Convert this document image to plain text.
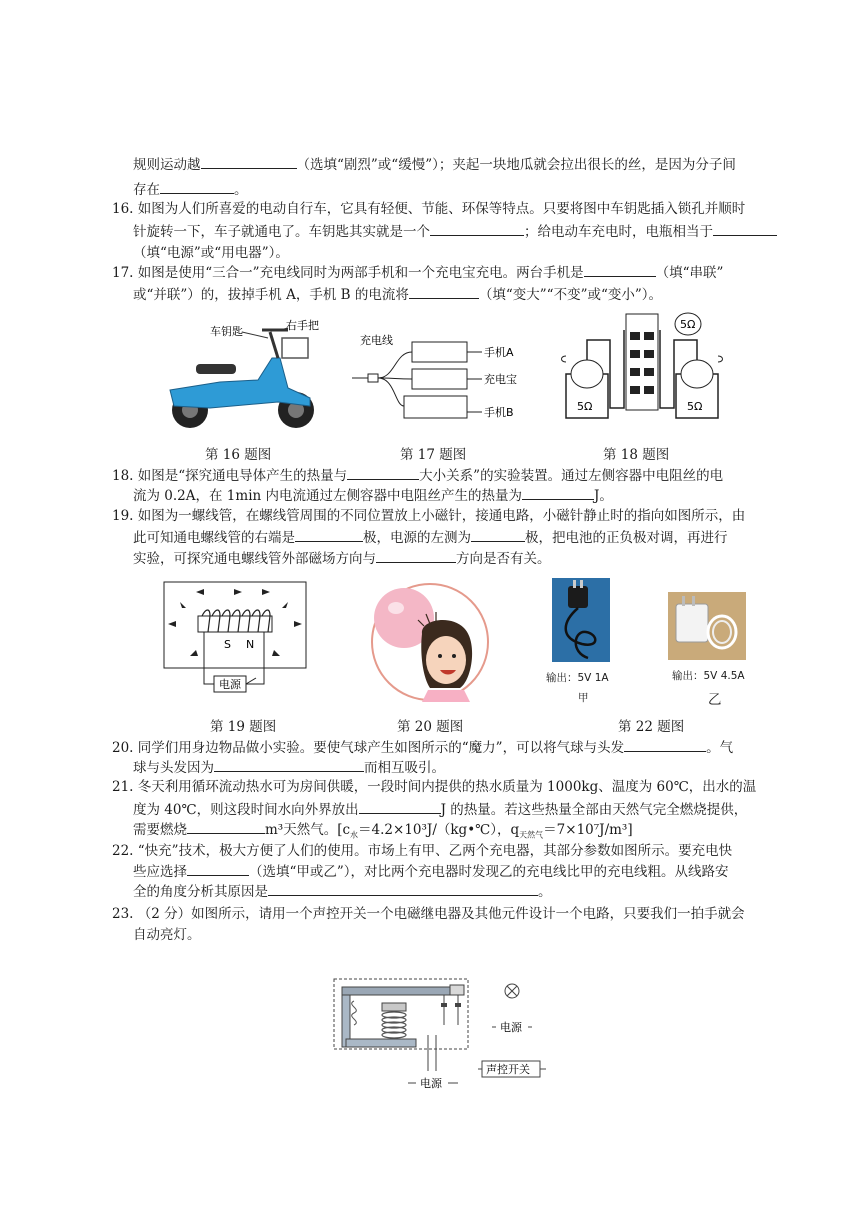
规则运动越	（选填“剧烈”或“缓慢”）；夹起一块地瓜就会拉出很长的丝，是因为分子间
存在	。
16. 如图为人们所喜爱的电动自行车，它具有轻便、节能、环保等特点。只要将图中车钥匙插入锁孔并顺时
针旋转一下，车子就通电了。车钥匙其实就是一个	；给电动车充电时，电瓶相当于
（填“电源”或“用电器”）。
17. 如图是使用“三合一”充电线同时为两部手机和一个充电宝充电。两台手机是	（填“串联”
或“并联”）的，拔掉手机 A，手机 B 的电流将	（填“变大”“不变”或“变小”）。
车钥匙	右手把
第 16 题图
充电线
手机A
充电宝
手机B
第 17 题图
5Ω	5Ω
5Ω
第 18 题图
18. 如图是“探究通电导体产生的热量与	大小关系”的实验装置。通过左侧容器中电阻丝的电
流为 0.2A，在 1min 内电流通过左侧容器中电阻丝产生的热量为	J。
19. 如图为一螺线管，在螺线管周围的不同位置放上小磁针，接通电路，小磁针静止时的指向如图所示，由
此可知通电螺线管的右端是	极，电源的左测为	极，把电池的正负极对调，再进行
实验，可探究通电螺线管外部磁场方向与	方向是否有关。
S N
电源
第 19 题图	第 20 题图
输出：5V 1A
甲
输出：5V 4.5A
乙
第 22 题图
20. 同学们用身边物品做小实验。要使气球产生如图所示的“魔力”，可以将气球与头发	。气
球与头发因为	而相互吸引。
21. 冬天利用循环流动热水可为房间供暖，一段时间内提供的热水质量为 1000kg、温度为 60℃，出水的温
度为 40℃，则这段时间水向外界放出	J 的热量。若这些热量全部由天然气完全燃烧提供，
需要燃烧	m³天然气。[$c_水=4.2\times 10^3J/(kg•℃)$，$q_{天然气}=7\times 10^7J/m^3$]
22. “快充”技术，极大方便了人们的使用。市场上有甲、乙两个充电器，其部分参数如图所示。要充电快
些应选择	（选填“甲或乙”），对比两个充电器时发现乙的充电线比甲的充电线粗。从线路安
全的角度分析其原因是	。
23. （2 分）如图所示，请用一个声控开关一个电磁继电器及其他元件设计一个电路，只要我们一拍手就会
自动亮灯。
电源
电源
声控开关
